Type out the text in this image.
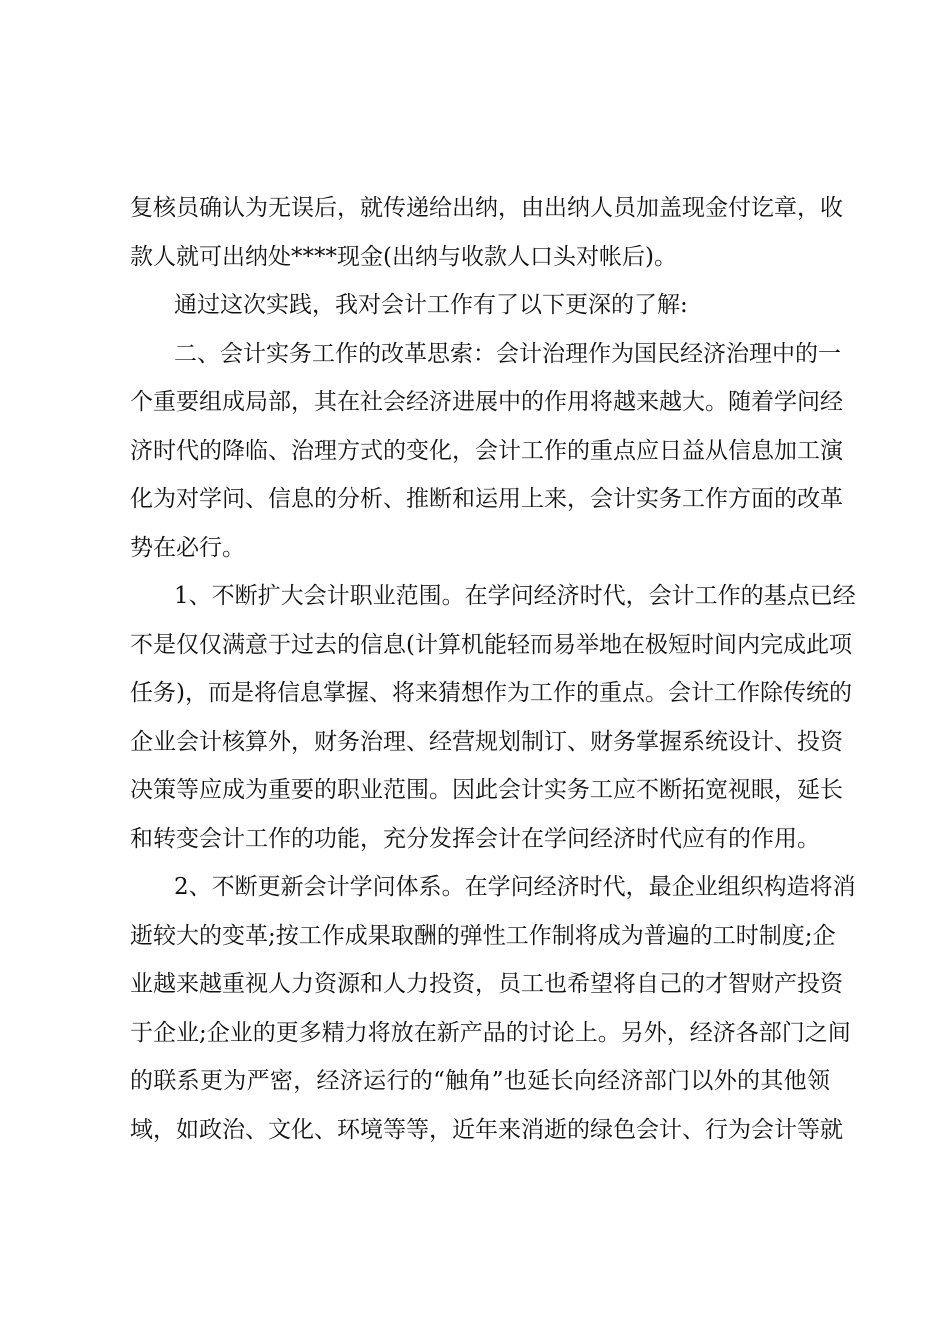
复核员确认为无误后，就传递给出纳，由出纳人员加盖现金付讫章，收
款人就可出纳处****现金(出纳与收款人口头对帐后)。
通过这次实践，我对会计工作有了以下更深的了解:
二、会计实务工作的改革思索：会计治理作为国民经济治理中的一
个重要组成局部，其在社会经济进展中的作用将越来越大。随着学问经
济时代的降临、治理方式的变化，会计工作的重点应日益从信息加工演
化为对学问、信息的分析、推断和运用上来，会计实务工作方面的改革
势在必行。
1、不断扩大会计职业范围。在学问经济时代，会计工作的基点已经
不是仅仅满意于过去的信息(计算机能轻而易举地在极短时间内完成此项
任务)，而是将信息掌握、将来猜想作为工作的重点。会计工作除传统的
企业会计核算外，财务治理、经营规划制订、财务掌握系统设计、投资
决策等应成为重要的职业范围。因此会计实务工应不断拓宽视眼，延长
和转变会计工作的功能，充分发挥会计在学问经济时代应有的作用。
2、不断更新会计学问体系。在学问经济时代，最企业组织构造将消
逝较大的变革;按工作成果取酬的弹性工作制将成为普遍的工时制度;企
业越来越重视人力资源和人力投资，员工也希望将自己的才智财产投资
于企业;企业的更多精力将放在新产品的讨论上。另外，经济各部门之间
的联系更为严密，经济运行的“触角”也延长向经济部门以外的其他领
域，如政治、文化、环境等等，近年来消逝的绿色会计、行为会计等就
